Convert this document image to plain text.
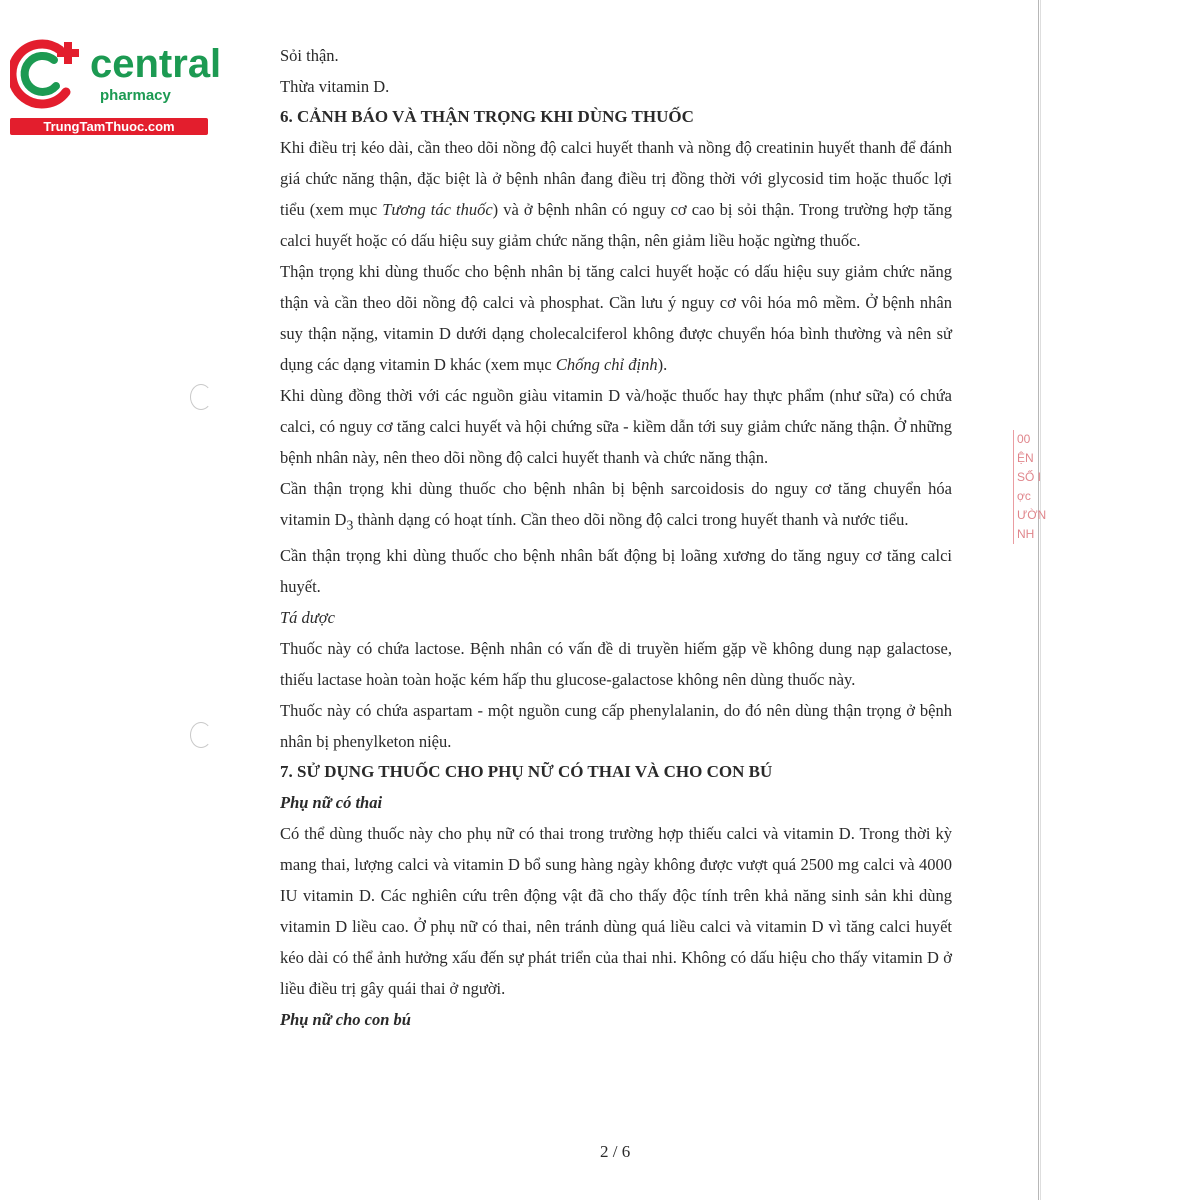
central
pharmacy
TrungTamThuoc.com

Sỏi thận.

Thừa vitamin D.

6. CẢNH BÁO VÀ THẬN TRỌNG KHI DÙNG THUỐC

Khi điều trị kéo dài, cần theo dõi nồng độ calci huyết thanh và nồng độ creatinin huyết thanh để đánh giá chức năng thận, đặc biệt là ở bệnh nhân đang điều trị đồng thời với glycosid tim hoặc thuốc lợi tiểu (xem mục Tương tác thuốc) và ở bệnh nhân có nguy cơ cao bị sỏi thận. Trong trường hợp tăng calci huyết hoặc có dấu hiệu suy giảm chức năng thận, nên giảm liều hoặc ngừng thuốc.

Thận trọng khi dùng thuốc cho bệnh nhân bị tăng calci huyết hoặc có dấu hiệu suy giảm chức năng thận và cần theo dõi nồng độ calci và phosphat. Cần lưu ý nguy cơ vôi hóa mô mềm. Ở bệnh nhân suy thận nặng, vitamin D dưới dạng cholecalciferol không được chuyển hóa bình thường và nên sử dụng các dạng vitamin D khác (xem mục Chống chỉ định).

Khi dùng đồng thời với các nguồn giàu vitamin D và/hoặc thuốc hay thực phẩm (như sữa) có chứa calci, có nguy cơ tăng calci huyết và hội chứng sữa - kiềm dẫn tới suy giảm chức năng thận. Ở những bệnh nhân này, nên theo dõi nồng độ calci huyết thanh và chức năng thận.

Cần thận trọng khi dùng thuốc cho bệnh nhân bị bệnh sarcoidosis do nguy cơ tăng chuyển hóa vitamin $D_3$ thành dạng có hoạt tính. Cần theo dõi nồng độ calci trong huyết thanh và nước tiểu.

Cần thận trọng khi dùng thuốc cho bệnh nhân bất động bị loãng xương do tăng nguy cơ tăng calci huyết.

Tá dược

Thuốc này có chứa lactose. Bệnh nhân có vấn đề di truyền hiếm gặp về không dung nạp galactose, thiếu lactase hoàn toàn hoặc kém hấp thu glucose-galactose không nên dùng thuốc này.

Thuốc này có chứa aspartam - một nguồn cung cấp phenylalanin, do đó nên dùng thận trọng ở bệnh nhân bị phenylketon niệu.

7. SỬ DỤNG THUỐC CHO PHỤ NỮ CÓ THAI VÀ CHO CON BÚ

Phụ nữ có thai

Có thể dùng thuốc này cho phụ nữ có thai trong trường hợp thiếu calci và vitamin D. Trong thời kỳ mang thai, lượng calci và vitamin D bổ sung hàng ngày không được vượt quá 2500 mg calci và 4000 IU vitamin D. Các nghiên cứu trên động vật đã cho thấy độc tính trên khả năng sinh sản khi dùng vitamin D liều cao. Ở phụ nữ có thai, nên tránh dùng quá liều calci và vitamin D vì tăng calci huyết kéo dài có thể ảnh hưởng xấu đến sự phát triển của thai nhi. Không có dấu hiệu cho thấy vitamin D ở liều điều trị gây quái thai ở người.

Phụ nữ cho con bú

2 / 6
00
ỆN
SỐ I
ợc
ƯỜN
NH
